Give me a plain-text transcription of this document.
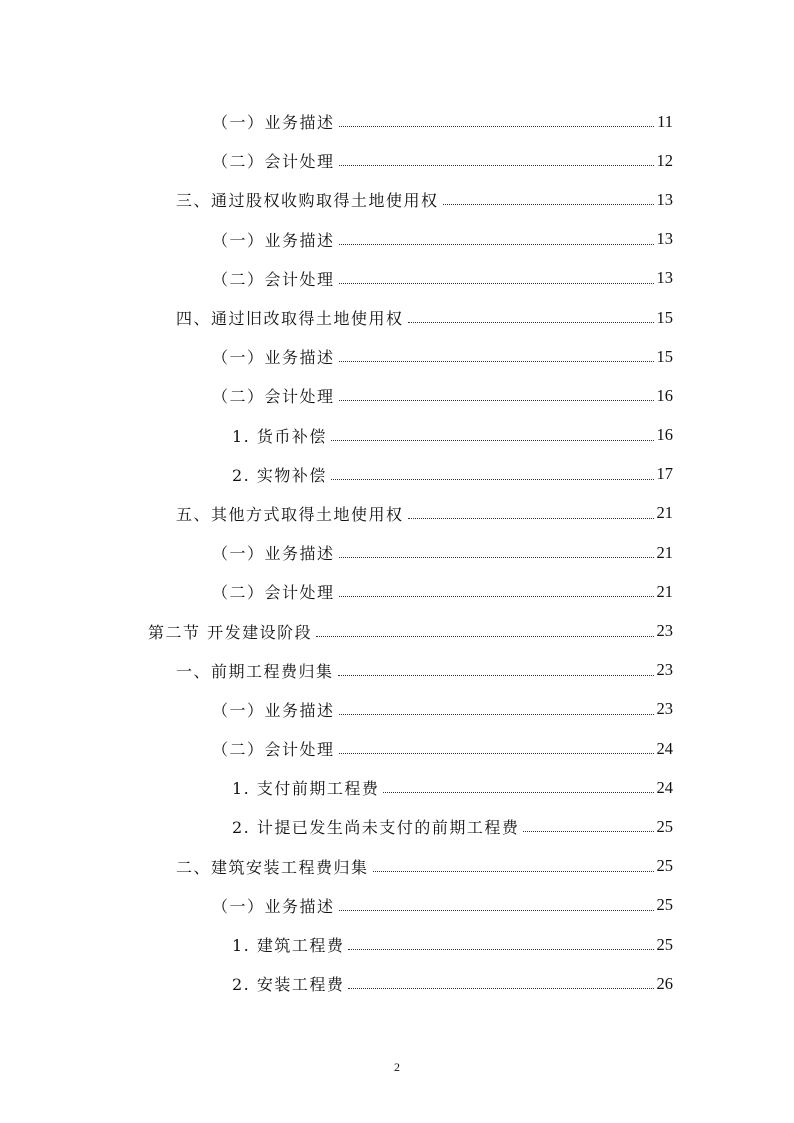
（一）业务描述	11
（二）会计处理	12
三、通过股权收购取得土地使用权	13
（一）业务描述	13
（二）会计处理	13
四、通过旧改取得土地使用权	15
（一）业务描述	15
（二）会计处理	16
1. 货币补偿	16
2. 实物补偿	17
五、其他方式取得土地使用权	21
（一）业务描述	21
（二）会计处理	21
第二节 开发建设阶段	23
一、前期工程费归集	23
（一）业务描述	23
（二）会计处理	24
1. 支付前期工程费	24
2. 计提已发生尚未支付的前期工程费	25
二、建筑安装工程费归集	25
（一）业务描述	25
1. 建筑工程费	25
2. 安装工程费	26
2
